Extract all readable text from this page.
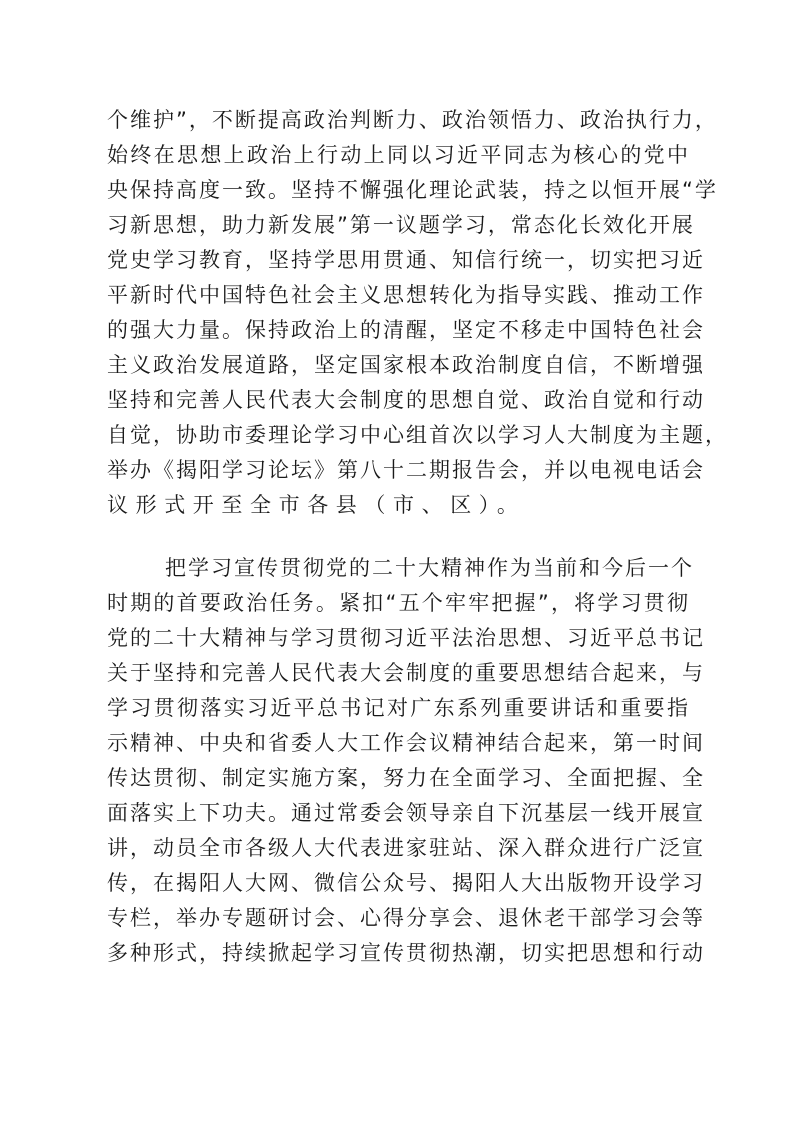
个维护”，不断提高政治判断力、政治领悟力、政治执行力，
始终在思想上政治上行动上同以习近平同志为核心的党中
央保持高度一致。坚持不懈强化理论武装，持之以恒开展“学
习新思想，助力新发展”第一议题学习，常态化长效化开展
党史学习教育，坚持学思用贯通、知信行统一，切实把习近
平新时代中国特色社会主义思想转化为指导实践、推动工作
的强大力量。保持政治上的清醒，坚定不移走中国特色社会
主义政治发展道路，坚定国家根本政治制度自信，不断增强
坚持和完善人民代表大会制度的思想自觉、政治自觉和行动
自觉，协助市委理论学习中心组首次以学习人大制度为主题，
举办《揭阳学习论坛》第八十二期报告会，并以电视电话会
议形式开至全市各县（市、区）。
把学习宣传贯彻党的二十大精神作为当前和今后一个
时期的首要政治任务。紧扣“五个牢牢把握”，将学习贯彻
党的二十大精神与学习贯彻习近平法治思想、习近平总书记
关于坚持和完善人民代表大会制度的重要思想结合起来，与
学习贯彻落实习近平总书记对广东系列重要讲话和重要指
示精神、中央和省委人大工作会议精神结合起来，第一时间
传达贯彻、制定实施方案，努力在全面学习、全面把握、全
面落实上下功夫。通过常委会领导亲自下沉基层一线开展宣
讲，动员全市各级人大代表进家驻站、深入群众进行广泛宣
传，在揭阳人大网、微信公众号、揭阳人大出版物开设学习
专栏，举办专题研讨会、心得分享会、退休老干部学习会等
多种形式，持续掀起学习宣传贯彻热潮，切实把思想和行动
